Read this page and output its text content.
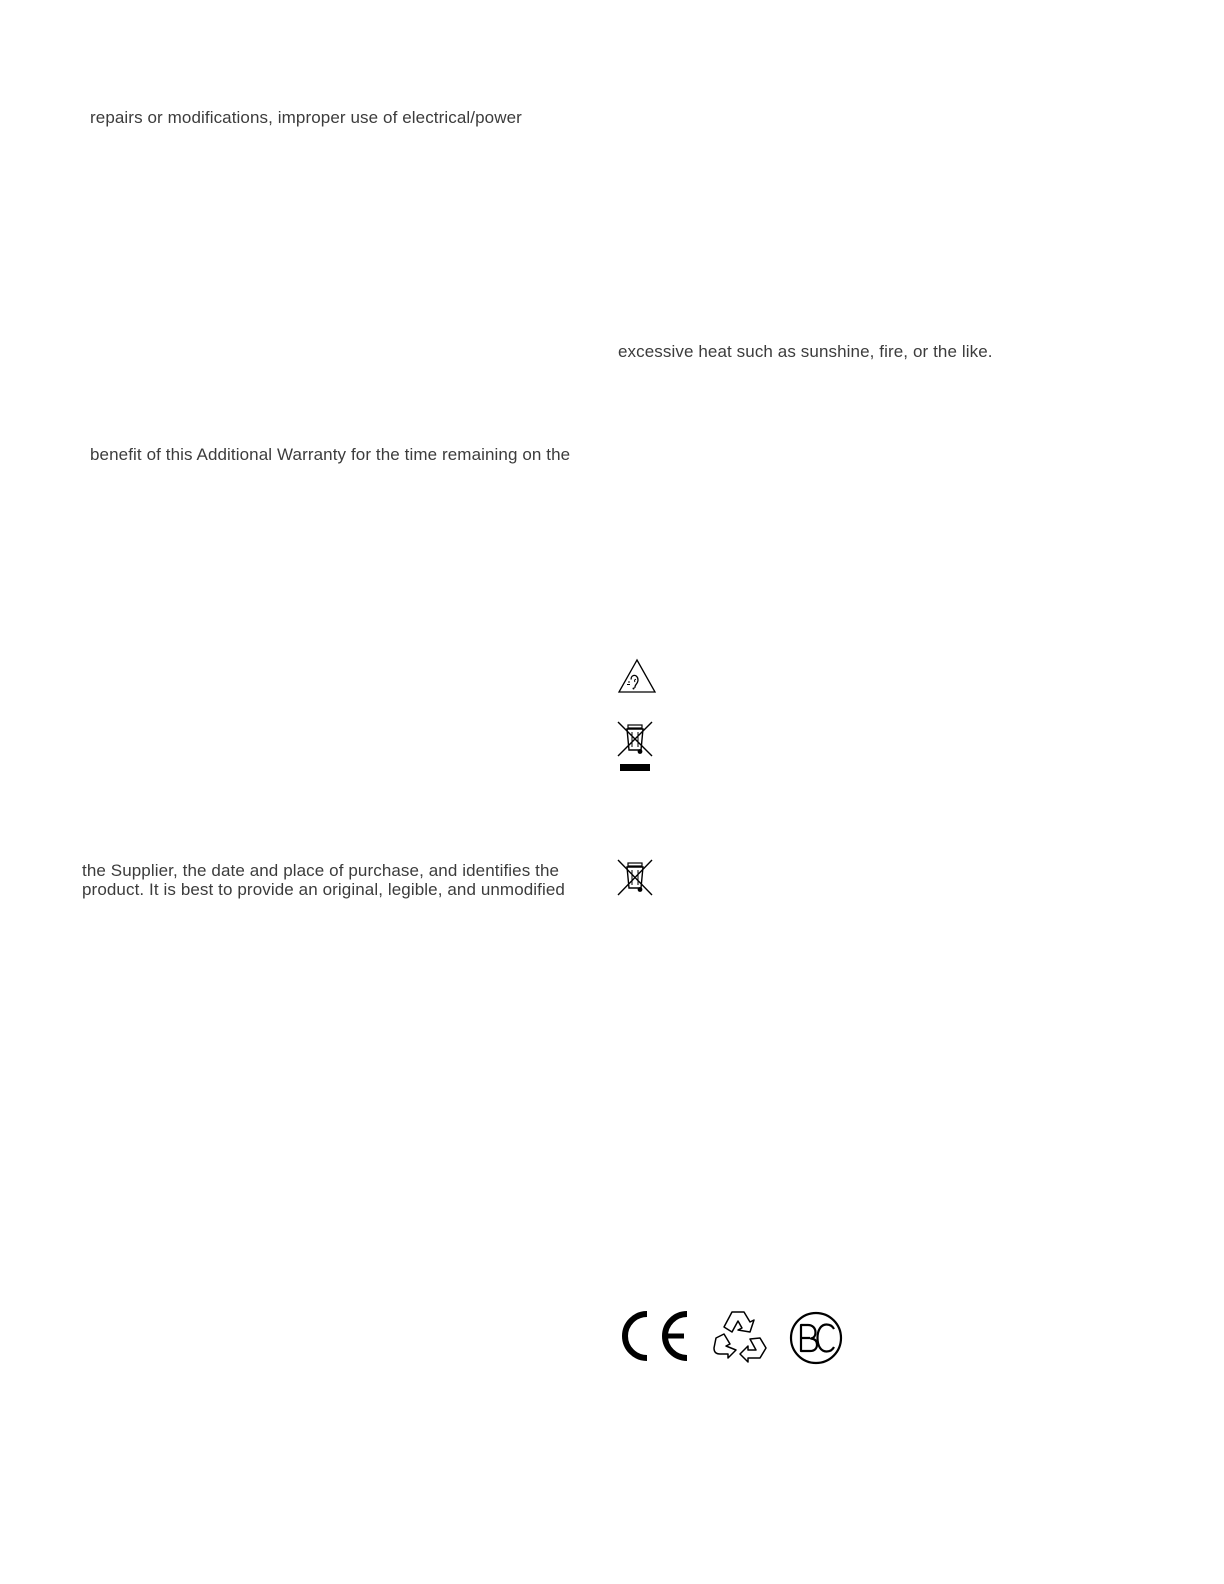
repairs or modifications, improper use of electrical/power
benefit of this Additional Warranty for the time remaining on the
the Supplier, the date and place of purchase, and identifies the
product. It is best to provide an original, legible, and unmodified
excessive heat such as sunshine, fire, or the like.
